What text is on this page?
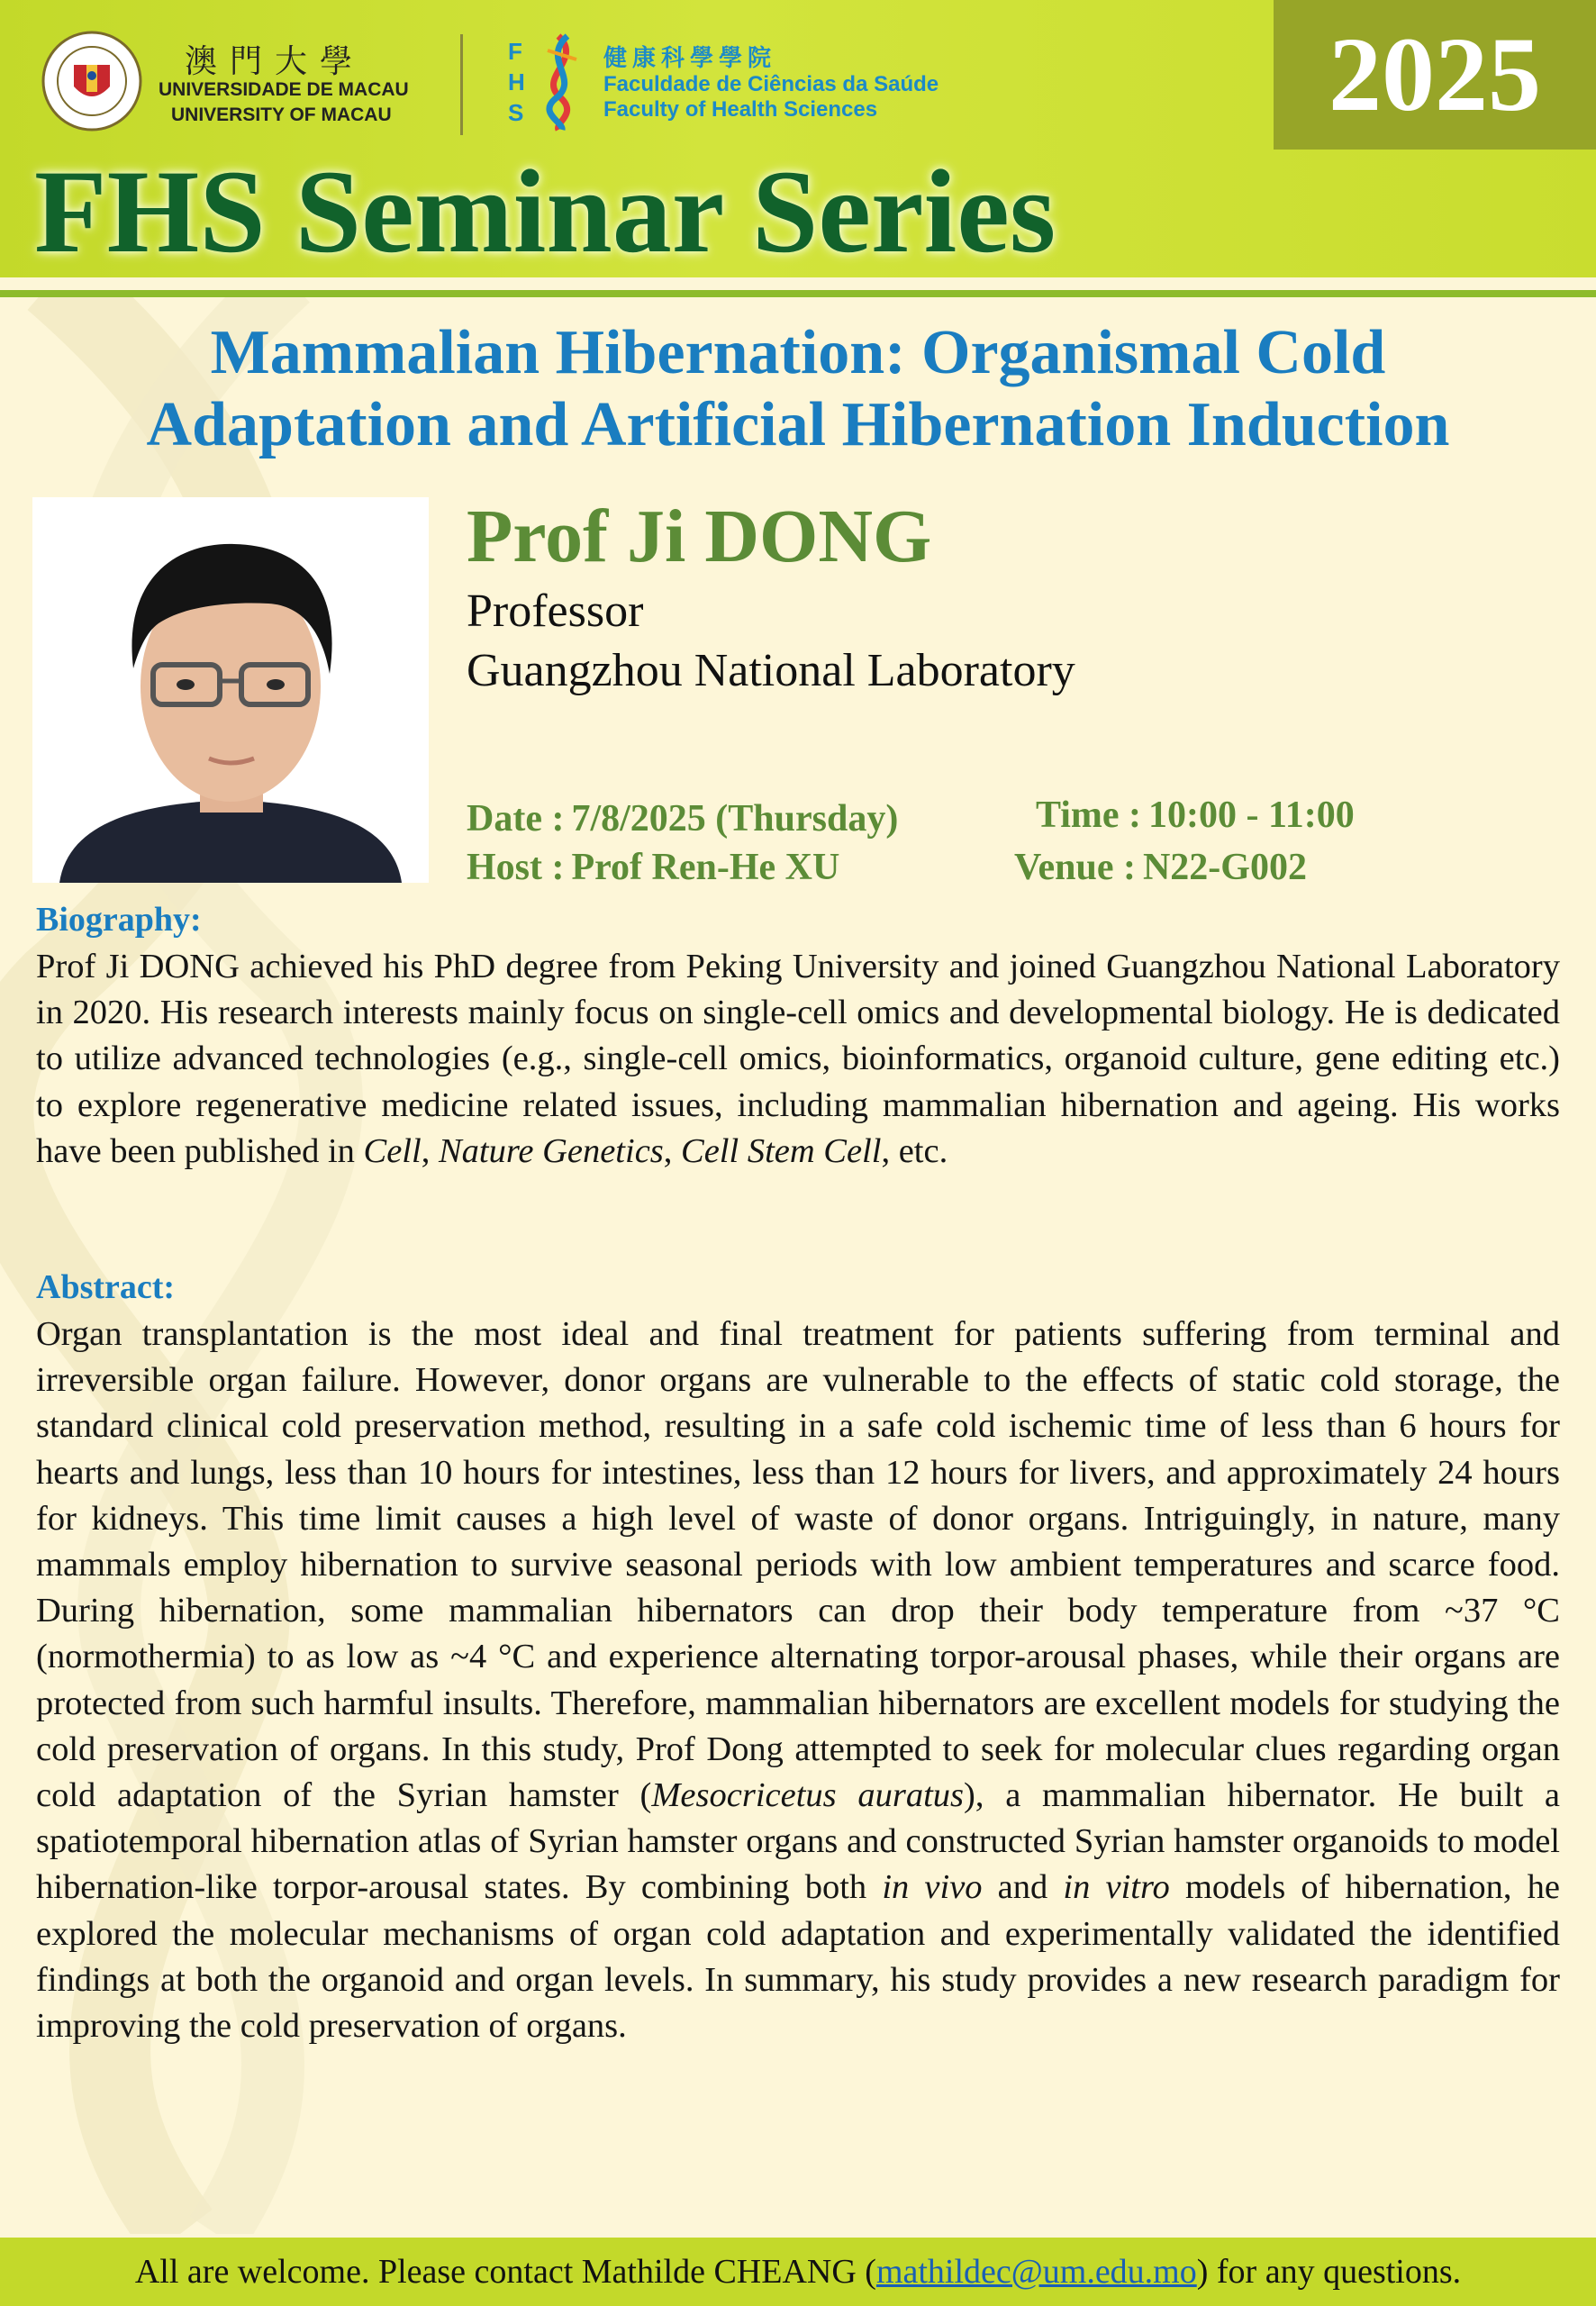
2025
澳門大學
UNIVERSIDADE DE MACAU
UNIVERSITY OF MACAU
F
H
S
健康科學學院
Faculdade de Ciências da Saúde
Faculty of Health Sciences
FHS Seminar Series
Mammalian Hibernation: Organismal Cold
Adaptation and Artificial Hibernation Induction
Prof Ji DONG
Professor
Guangzhou National Laboratory
Date : 7/8/2025 (Thursday)	Time : 10:00 - 11:00
Host : Prof Ren-He XU	Venue : N22-G002
Biography:
Prof Ji DONG achieved his PhD degree from Peking University and joined Guangzhou National Laboratory in 2020. His research interests mainly focus on single-cell omics and developmental biology. He is dedicated to utilize advanced technologies (e.g., single-cell omics, bioinformatics, organoid culture, gene editing etc.) to explore regenerative medicine related issues, including mammalian hibernation and ageing. His works have been published in Cell, Nature Genetics, Cell Stem Cell, etc.
Abstract:
Organ transplantation is the most ideal and final treatment for patients suffering from terminal and irreversible organ failure. However, donor organs are vulnerable to the effects of static cold storage, the standard clinical cold preservation method, resulting in a safe cold ischemic time of less than 6 hours for hearts and lungs, less than 10 hours for intestines, less than 12 hours for livers, and approximately 24 hours for kidneys. This time limit causes a high level of waste of donor organs. Intriguingly, in nature, many mammals employ hibernation to survive seasonal periods with low ambient temperatures and scarce food. During hibernation, some mammalian hibernators can drop their body temperature from ~37 °C (normothermia) to as low as ~4 °C and experience alternating torpor-arousal phases, while their organs are protected from such harmful insults. Therefore, mammalian hibernators are excellent models for studying the cold preservation of organs. In this study, Prof Dong attempted to seek for molecular clues regarding organ cold adaptation of the Syrian hamster (Mesocricetus auratus), a mammalian hibernator. He built a spatiotemporal hibernation atlas of Syrian hamster organs and constructed Syrian hamster organoids to model hibernation-like torpor-arousal states. By combining both in vivo and in vitro models of hibernation, he explored the molecular mechanisms of organ cold adaptation and experimentally validated the identified findings at both the organoid and organ levels. In summary, his study provides a new research paradigm for improving the cold preservation of organs.
All are welcome. Please contact Mathilde CHEANG (mathildec@um.edu.mo) for any questions.
